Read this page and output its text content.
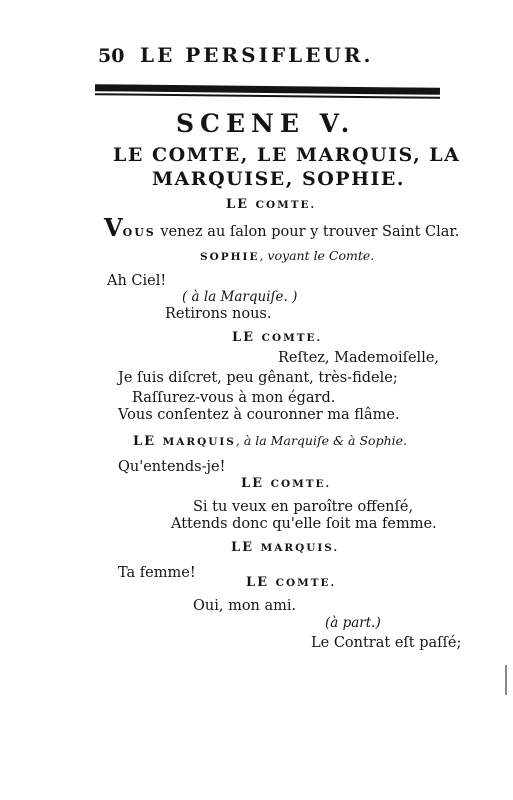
50 LE PERSIFLEUR.
SCENE V.
LE COMTE, LE MARQUIS, LA
MARQUISE, SOPHIE.
LE COMTE.
VOUS venez au ſalon pour y trouver Saint Clar.
SOPHIE, voyant le Comte.
Ah Ciel!
( à la Marquiſe. )
Retirons nous.
LE COMTE.
Reſtez, Mademoiſelle,
Je ſuis diſcret, peu gênant, très-fidele;
Raſſurez-vous à mon égard.
Vous conſentez à couronner ma flâme.
LE MARQUIS, à la Marquiſe & à Sophie.
Qu'entends-je!
LE COMTE.
Si tu veux en paroître offenſé,
Attends donc qu'elle ſoit ma femme.
LE MARQUIS.
Ta femme!
LE COMTE.
Oui, mon ami.
(à part.)
Le Contrat eſt paſſé;
